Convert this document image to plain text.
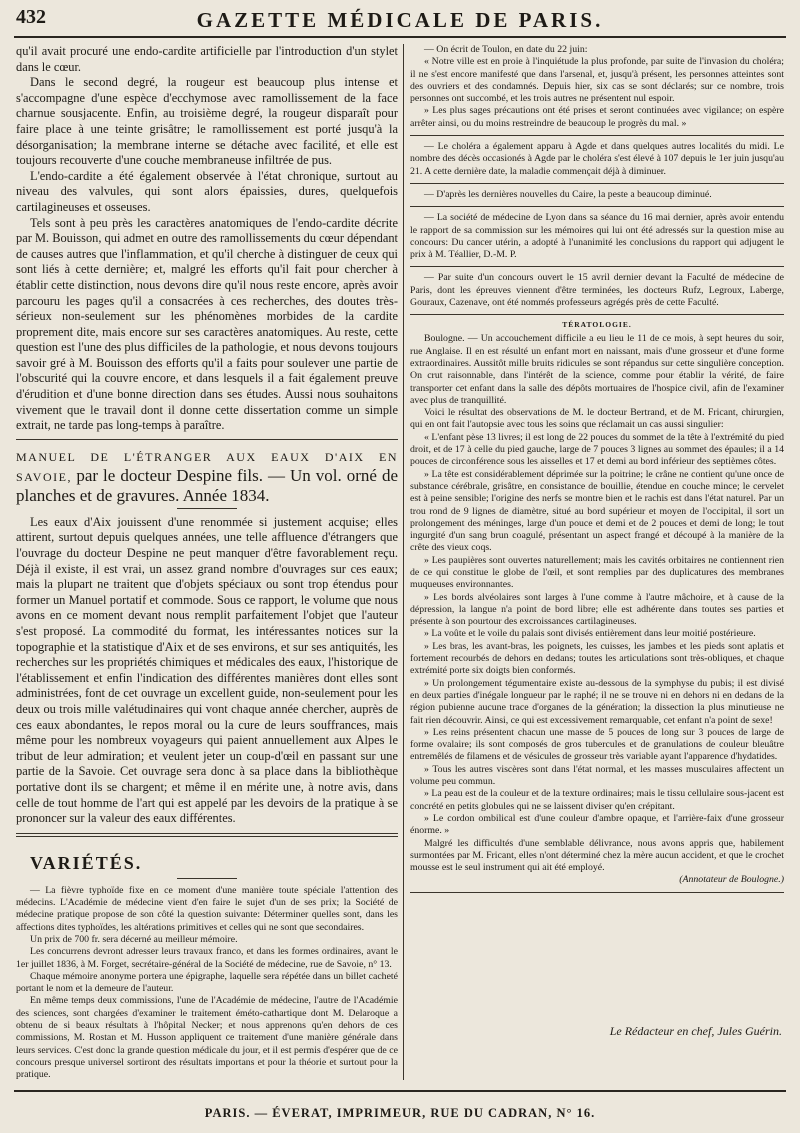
432	GAZETTE MÉDICALE DE PARIS.

qu'il avait procuré une endo-cardite artificielle par l'introduction d'un stylet dans le cœur.

Dans le second degré, la rougeur est beaucoup plus intense et s'accompagne d'une espèce d'ecchymose avec ramollissement de la face charnue sousjacente. Enfin, au troisième degré, la rougeur disparaît pour faire place à une teinte grisâtre; le ramollissement est porté jusqu'à la désorganisation; la membrane interne se détache avec facilité, et elle est toujours recouverte d'une couche membraneuse infiltrée de pus.

L'endo-cardite a été également observée à l'état chronique, surtout au niveau des valvules, qui sont alors épaissies, dures, quelquefois cartilagineuses et osseuses.

Tels sont à peu près les caractères anatomiques de l'endo-cardite décrite par M. Bouisson, qui admet en outre des ramollissements du cœur dépendant de causes autres que l'inflammation, et qu'il cherche à distinguer de ceux qui sont liés à cette dernière; et, malgré les efforts qu'il fait pour chercher à établir cette distinction, nous devons dire qu'il nous reste encore, après avoir parcouru les pages qu'il a consacrées à ces recherches, des doutes très-sérieux non-seulement sur les phénomènes morbides de la cardite proprement dite, mais encore sur ses caractères anatomiques. Au reste, cette question est l'une des plus difficiles de la pathologie, et nous devons toujours savoir gré à M. Bouisson des efforts qu'il a faits pour soulever une partie de l'obscurité qui la couvre encore, et dans lesquels il a fait également preuve d'érudition et d'une bonne direction dans ses études. Aussi nous souhaitons vivement que le travail dont il donne cette dissertation comme un simple extrait, ne tarde pas long-temps à paraître.

MANUEL DE L'ÉTRANGER AUX EAUX D'AIX EN SAVOIE, par le docteur Despine fils. — Un vol. orné de planches et de gravures. Année 1834.

Les eaux d'Aix jouissent d'une renommée si justement acquise; elles attirent, surtout depuis quelques années, une telle affluence d'étrangers que l'ouvrage du docteur Despine ne peut manquer d'être favorablement reçu. Déjà il existe, il est vrai, un assez grand nombre d'ouvrages sur ces eaux; mais la plupart ne traitent que d'objets spéciaux ou sont trop étendus pour former un Manuel portatif et commode. Sous ce rapport, le volume que nous avons en ce moment devant nous remplit parfaitement l'objet que l'auteur s'est proposé. La commodité du format, les intéressantes notices sur la topographie et la statistique d'Aix et de ses environs, et sur ses antiquités, les recherches sur les propriétés chimiques et médicales des eaux, l'historique de l'établissement et enfin l'indication des différentes manières dont elles sont administrées, font de cet ouvrage un excellent guide, non-seulement pour les deux ou trois mille valétudinaires qui vont chaque année chercher, auprès de ces eaux abondantes, le repos moral ou la cure de leurs souffrances, mais même pour les nombreux voyageurs qui paient annuellement aux Alpes le tribut de leur admiration; et veulent jeter un coup-d'œil en passant sur une partie de la Savoie. Cet ouvrage sera donc à sa place dans la bibliothèque portative dont ils se chargent; et même il en mérite une, à notre avis, dans celle de tout homme de l'art qui est appelé par les devoirs de la pratique à se prononcer sur la valeur des eaux différentes.

VARIÉTÉS.

— La fièvre typhoïde fixe en ce moment d'une manière toute spéciale l'attention des médecins. L'Académie de médecine vient d'en faire le sujet d'un de ses prix; la Société de médecine pratique propose de son côté la question suivante: Déterminer quelles sont, dans les affections dites typhoïdes, les altérations primitives et celles qui ne sont que secondaires.

Un prix de 700 fr. sera décerné au meilleur mémoire.

Les concurrens devront adresser leurs travaux franco, et dans les formes ordinaires, avant le 1er juillet 1836, à M. Forget, secrétaire-général de la Société de médecine, rue de Savoie, n° 13.

Chaque mémoire anonyme portera une épigraphe, laquelle sera répétée dans un billet cacheté portant le nom et la demeure de l'auteur.

En même temps deux commissions, l'une de l'Académie de médecine, l'autre de l'Académie des sciences, sont chargées d'examiner le traitement éméto-cathartique dont M. Delaroque a obtenu de si beaux résultats à l'hôpital Necker; et nous apprenons qu'en dehors de ces commissions, M. Rostan et M. Husson appliquent ce traitement d'une manière générale dans leurs services. C'est donc la grande question médicale du jour, et il est permis d'espérer que de ce concours presque universel sortiront des résultats importans et pour la théorie et surtout pour la pratique.

— On écrit de Toulon, en date du 22 juin:

« Notre ville est en proie à l'inquiétude la plus profonde, par suite de l'invasion du choléra; il ne s'est encore manifesté que dans l'arsenal, et, jusqu'à présent, les personnes atteintes sont des ouvriers et des condamnés. Depuis hier, six cas se sont déclarés; sur ce nombre, trois personnes ont succombé, et les trois autres ne présentent nul espoir.

» Les plus sages précautions ont été prises et seront continuées avec vigilance; on espère arrêter ainsi, ou du moins restreindre de beaucoup le progrès du mal. »

— Le choléra a également apparu à Agde et dans quelques autres localités du midi. Le nombre des décès occasionés à Agde par le choléra s'est élevé à 107 depuis le 1er juin jusqu'au 21. A cette dernière date, la maladie commençait déjà à diminuer.

— D'après les dernières nouvelles du Caire, la peste a beaucoup diminué.

— La société de médecine de Lyon dans sa séance du 16 mai dernier, après avoir entendu le rapport de sa commission sur les mémoires qui lui ont été adressés sur la question mise au concours: Du cancer utérin, a adopté à l'unanimité les conclusions du rapport qui adjugent le prix à M. Téallier, D.-M. P.

— Par suite d'un concours ouvert le 15 avril dernier devant la Faculté de médecine de Paris, dont les épreuves viennent d'être terminées, les docteurs Rufz, Legroux, Laberge, Gouraux, Cazenave, ont été nommés professeurs agrégés près de cette Faculté.

TÉRATOLOGIE.

Boulogne. — Un accouchement difficile a eu lieu le 11 de ce mois, à sept heures du soir, rue Anglaise. Il en est résulté un enfant mort en naissant, mais d'une grosseur et d'une forme extraordinaires. Aussitôt mille bruits ridicules se sont répandus sur cette singulière conception. On crut raisonnable, dans l'intérêt de la science, comme pour établir la vérité, de faire transporter cet enfant dans la salle des dépôts mortuaires de l'hospice civil, afin de l'examiner avec plus de tranquillité.

Voici le résultat des observations de M. le docteur Bertrand, et de M. Fricant, chirurgien, qui en ont fait l'autopsie avec tous les soins que réclamait un cas aussi singulier:

« L'enfant pèse 13 livres; il est long de 22 pouces du sommet de la tête à l'extrémité du pied droit, et de 17 à celle du pied gauche, large de 7 pouces 3 lignes au sommet des épaules; il a 14 pouces de circonférence sous les aisselles et 17 et demi au bord inférieur des septièmes côtes.

» La tête est considérablement déprimée sur la poitrine; le crâne ne contient qu'une once de substance cérébrale, grisâtre, en consistance de bouillie, étendue en couche mince; le cervelet est à peine sensible; l'origine des nerfs se montre bien et le rachis est dans l'état naturel. Par un trou rond de 9 lignes de diamètre, situé au bord supérieur et moyen de l'occipital, il sort un prolongement des méninges, large d'un pouce et demi et de 2 pouces et demi de long; le tout ingurgité d'un sang brun coagulé, présentant un aspect frangé et découpé à la manière de la crête des vieux coqs.

» Les paupières sont ouvertes naturellement; mais les cavités orbitaires ne contiennent rien de ce qui constitue le globe de l'œil, et sont remplies par des duplicatures des membranes muqueuses environnantes.

» Les bords alvéolaires sont larges à l'une comme à l'autre mâchoire, et à cause de la dépression, la langue n'a point de bord libre; elle est adhérente dans toutes ses parties et présente à son pourtour des excroissances cartilagineuses.

» La voûte et le voile du palais sont divisés entièrement dans leur moitié postérieure.

» Les bras, les avant-bras, les poignets, les cuisses, les jambes et les pieds sont aplatis et fortement recourbés de dehors en dedans; toutes les articulations sont très-obliques, et chaque extrémité porte six doigts bien conformés.

» Un prolongement tégumentaire existe au-dessous de la symphyse du pubis; il est divisé en deux parties d'inégale longueur par le raphé; il ne se trouve ni en dehors ni en dedans de la région pubienne aucune trace d'organes de la génération; la dissection la plus minutieuse ne fait rien découvrir. Ainsi, ce qui est excessivement remarquable, cet enfant n'a point de sexe!

» Les reins présentent chacun une masse de 5 pouces de long sur 3 pouces de large de forme ovalaire; ils sont composés de gros tubercules et de granulations de couleur bleuâtre entremêlés de filamens et de vésicules de grosseur très variable ayant l'apparence d'hydatides.

» Tous les autres viscères sont dans l'état normal, et les masses musculaires affectent un volume peu commun.

» La peau est de la couleur et de la texture ordinaires; mais le tissu cellulaire sous-jacent est concrété en petits globules qui ne se laissent diviser qu'en crépitant.

» Le cordon ombilical est d'une couleur d'ambre opaque, et l'arrière-faix d'une grosseur énorme. »

Malgré les difficultés d'une semblable délivrance, nous avons appris que, habilement surmontées par M. Fricant, elles n'ont déterminé chez la mère aucun accident, et que le crochet mousse est le seul instrument qui ait été employé.

(Annotateur de Boulogne.)

Le Rédacteur en chef, Jules Guérin.
PARIS. — ÉVERAT, IMPRIMEUR, RUE DU CADRAN, N° 16.
